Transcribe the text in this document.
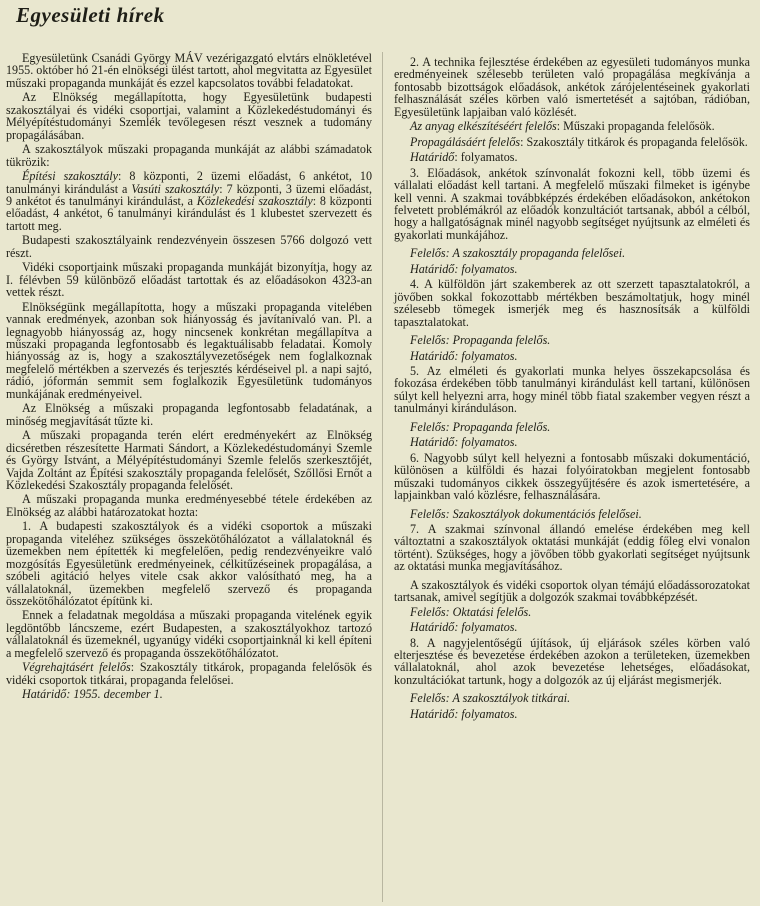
Egyesületi hírek

Egyesületünk Csanádi György MÁV vezérigazgató elvtárs elnökletével 1955. október hó 21-én elnökségi ülést tartott, ahol megvitatta az Egyesület műszaki propaganda munkáját és ezzel kapcsolatos további feladatokat.

Az Elnökség megállapította, hogy Egyesületünk budapesti szakosztályai és vidéki csoportjai, valamint a Közlekedéstudományi és Mélyépítéstudományi Szemlék tevőlegesen részt vesznek a tudomány propagálásában.

A szakosztályok műszaki propaganda munkáját az alábbi számadatok tükrözik:

Építési szakosztály: 8 központi, 2 üzemi előadást, 6 ankétot, 10 tanulmányi kirándulást a Vasúti szakosztály: 7 központi, 3 üzemi előadást, 9 ankétot és tanulmányi kirándulást, a Közlekedési szakosztály: 8 központi előadást, 4 ankétot, 6 tanulmányi kirándulást és 1 klubestet szervezett és tartott meg.

Budapesti szakosztályaink rendezvényein összesen 5766 dolgozó vett részt.

Vidéki csoportjaink műszaki propaganda munkáját bizonyítja, hogy az I. félévben 59 különböző előadást tartottak és az előadásokon 4323-an vettek részt.

Elnökségünk megállapította, hogy a műszaki propaganda vitelében vannak eredmények, azonban sok hiányosság és javítanivaló van. Pl. a legnagyobb hiányosság az, hogy nincsenek konkrétan megállapítva a műszaki propaganda legfontosabb és legaktuálisabb feladatai. Komoly hiányosság az is, hogy a szakosztályvezetőségek nem foglalkoznak megfelelő mértékben a szervezés és terjesztés kérdéseivel pl. a napi sajtó, rádió, jóformán semmit sem foglalkozik Egyesületünk tudományos munkájának eredményeivel.

Az Elnökség a műszaki propaganda legfontosabb feladatának, a minőség megjavítását tűzte ki.

A műszaki propaganda terén elért eredményekért az Elnökség dicséretben részesítette Harmati Sándort, a Közlekedéstudományi Szemle és György Istvánt, a Mélyépítéstudományi Szemle felelős szerkesztőjét, Vajda Zoltánt az Építési szakosztály propaganda felelősét, Szőllősi Ernőt a Közlekedési Szakosztály propaganda felelősét.

A műszaki propaganda munka eredményesebbé tétele érdekében az Elnökség az alábbi határozatokat hozta:

1. A budapesti szakosztályok és a vidéki csoportok a műszaki propaganda viteléhez szükséges összekötőhálózatot a vállalatoknál és üzemekben nem építették ki megfelelően, pedig rendezvényeikre való mozgósítás Egyesületünk eredményeinek, célkitűzéseinek propagálása, a szóbeli agitáció helyes vitele csak akkor valósítható meg, ha a vállalatoknál, üzemekben megfelelő szervező és propaganda összekötőhálózatot építünk ki.

Ennek a feladatnak megoldása a műszaki propaganda vitelének egyik legdöntőbb láncszeme, ezért Budapesten, a szakosztályokhoz tartozó vállalatoknál és üzemeknél, ugyanúgy vidéki csoportjainknál ki kell építeni a megfelelő szervező és propaganda összekötőhálózatot.

Végrehajtásért felelős: Szakosztály titkárok, propaganda felelősök és vidéki csoportok titkárai, propaganda felelősei.

Határidő: 1955. december 1.

2. A technika fejlesztése érdekében az egyesületi tudományos munka eredményeinek szélesebb területen való propagálása megkívánja a fontosabb bizottságok előadások, ankétok zárójelentéseinek gyakorlati felhasználását széles körben való ismertetését a sajtóban, rádióban, Egyesületünk lapjaiban való közlését.

Az anyag elkészítéséért felelős: Műszaki propaganda felelősök.

Propagálásáért felelős: Szakosztály titkárok és propaganda felelősök.

Határidő: folyamatos.

3. Előadások, ankétok színvonalát fokozni kell, több üzemi és vállalati előadást kell tartani. A megfelelő műszaki filmeket is igénybe kell venni. A szakmai továbbképzés érdekében előadásokon, ankétokon felvetett problémákról az előadók konzultációt tartsanak, abból a célból, hogy a hallgatóságnak minél nagyobb segítséget nyújtsunk az elméleti és gyakorlati munkájához.

Felelős: A szakosztály propaganda felelősei.

Határidő: folyamatos.

4. A külföldön járt szakemberek az ott szerzett tapasztalatokról, a jövőben sokkal fokozottabb mértékben beszámoltatjuk, hogy minél szélesebb tömegek ismerjék meg és hasznosítsák a külföldi tapasztalatokat.

Felelős: Propaganda felelős.

Határidő: folyamatos.

5. Az elméleti és gyakorlati munka helyes összekapcsolása és fokozása érdekében több tanulmányi kirándulást kell tartani, különösen súlyt kell helyezni arra, hogy minél több fiatal szakember vegyen részt a tanulmányi kiránduláson.

Felelős: Propaganda felelős.

Határidő: folyamatos.

6. Nagyobb súlyt kell helyezni a fontosabb műszaki dokumentáció, különösen a külföldi és hazai folyóiratokban megjelent fontosabb műszaki tudományos cikkek összegyűjtésére és azok ismertetésére, a lapjainkban való közlésre, felhasználására.

Felelős: Szakosztályok dokumentációs felelősei.

7. A szakmai színvonal állandó emelése érdekében meg kell változtatni a szakosztályok oktatási munkáját (eddig főleg elvi vonalon történt). Szükséges, hogy a jövőben több gyakorlati segítséget nyújtsunk az oktatási munka megjavításához.

A szakosztályok és vidéki csoportok olyan témájú előadássorozatokat tartsanak, amivel segítjük a dolgozók szakmai továbbképzését.

Felelős: Oktatási felelős.

Határidő: folyamatos.

8. A nagyjelentőségű újítások, új eljárások széles körben való elterjesztése és bevezetése érdekében azokon a területeken, üzemekben vállalatoknál, ahol azok bevezetése lehetséges, előadásokat, konzultációkat tartunk, hogy a dolgozók az új eljárást megismerjék.

Felelős: A szakosztályok titkárai.

Határidő: folyamatos.
